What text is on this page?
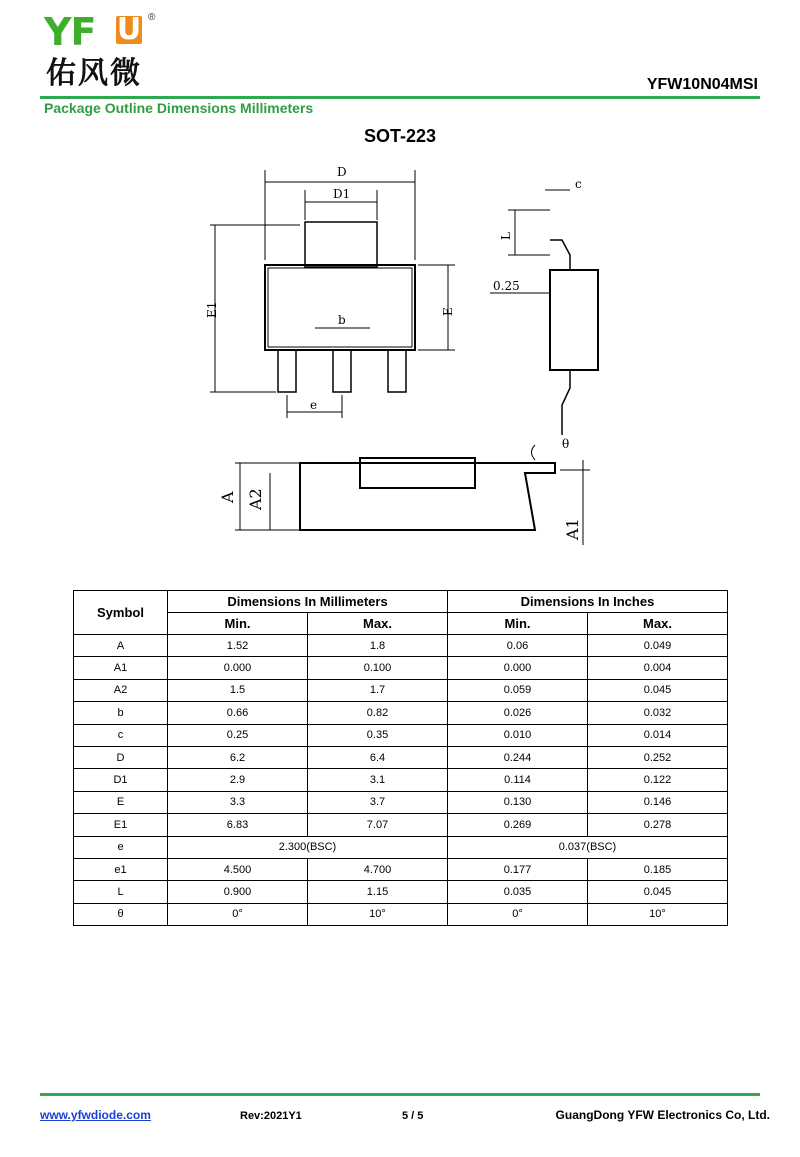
YF U ®
佑风微	YFW10N04MSI
Package Outline Dimensions Millimeters
SOT-223
D
D1
b
e
E1	E
c
L
0.25
θ
A A2
A1
Symbol	Dimensions In Millimeters		Dimensions In Inches	
	Min.	Max.	Min.	Max.
A	1.52	1.8	0.06	0.049
A1	0.000	0.100	0.000	0.004
A2	1.5	1.7	0.059	0.045
b	0.66	0.82	0.026	0.032
c	0.25	0.35	0.010	0.014
D	6.2	6.4	0.244	0.252
D1	2.9	3.1	0.114	0.122
E	3.3	3.7	0.130	0.146
E1	6.83	7.07	0.269	0.278
e	2.300(BSC)		0.037(BSC)	
e1	4.500	4.700	0.177	0.185
L	0.900	1.15	0.035	0.045
θ	0°	10°	0°	10°
www.yfwdiode.com	Rev:2021Y1	5 / 5	GuangDong YFW Electronics Co, Ltd.
